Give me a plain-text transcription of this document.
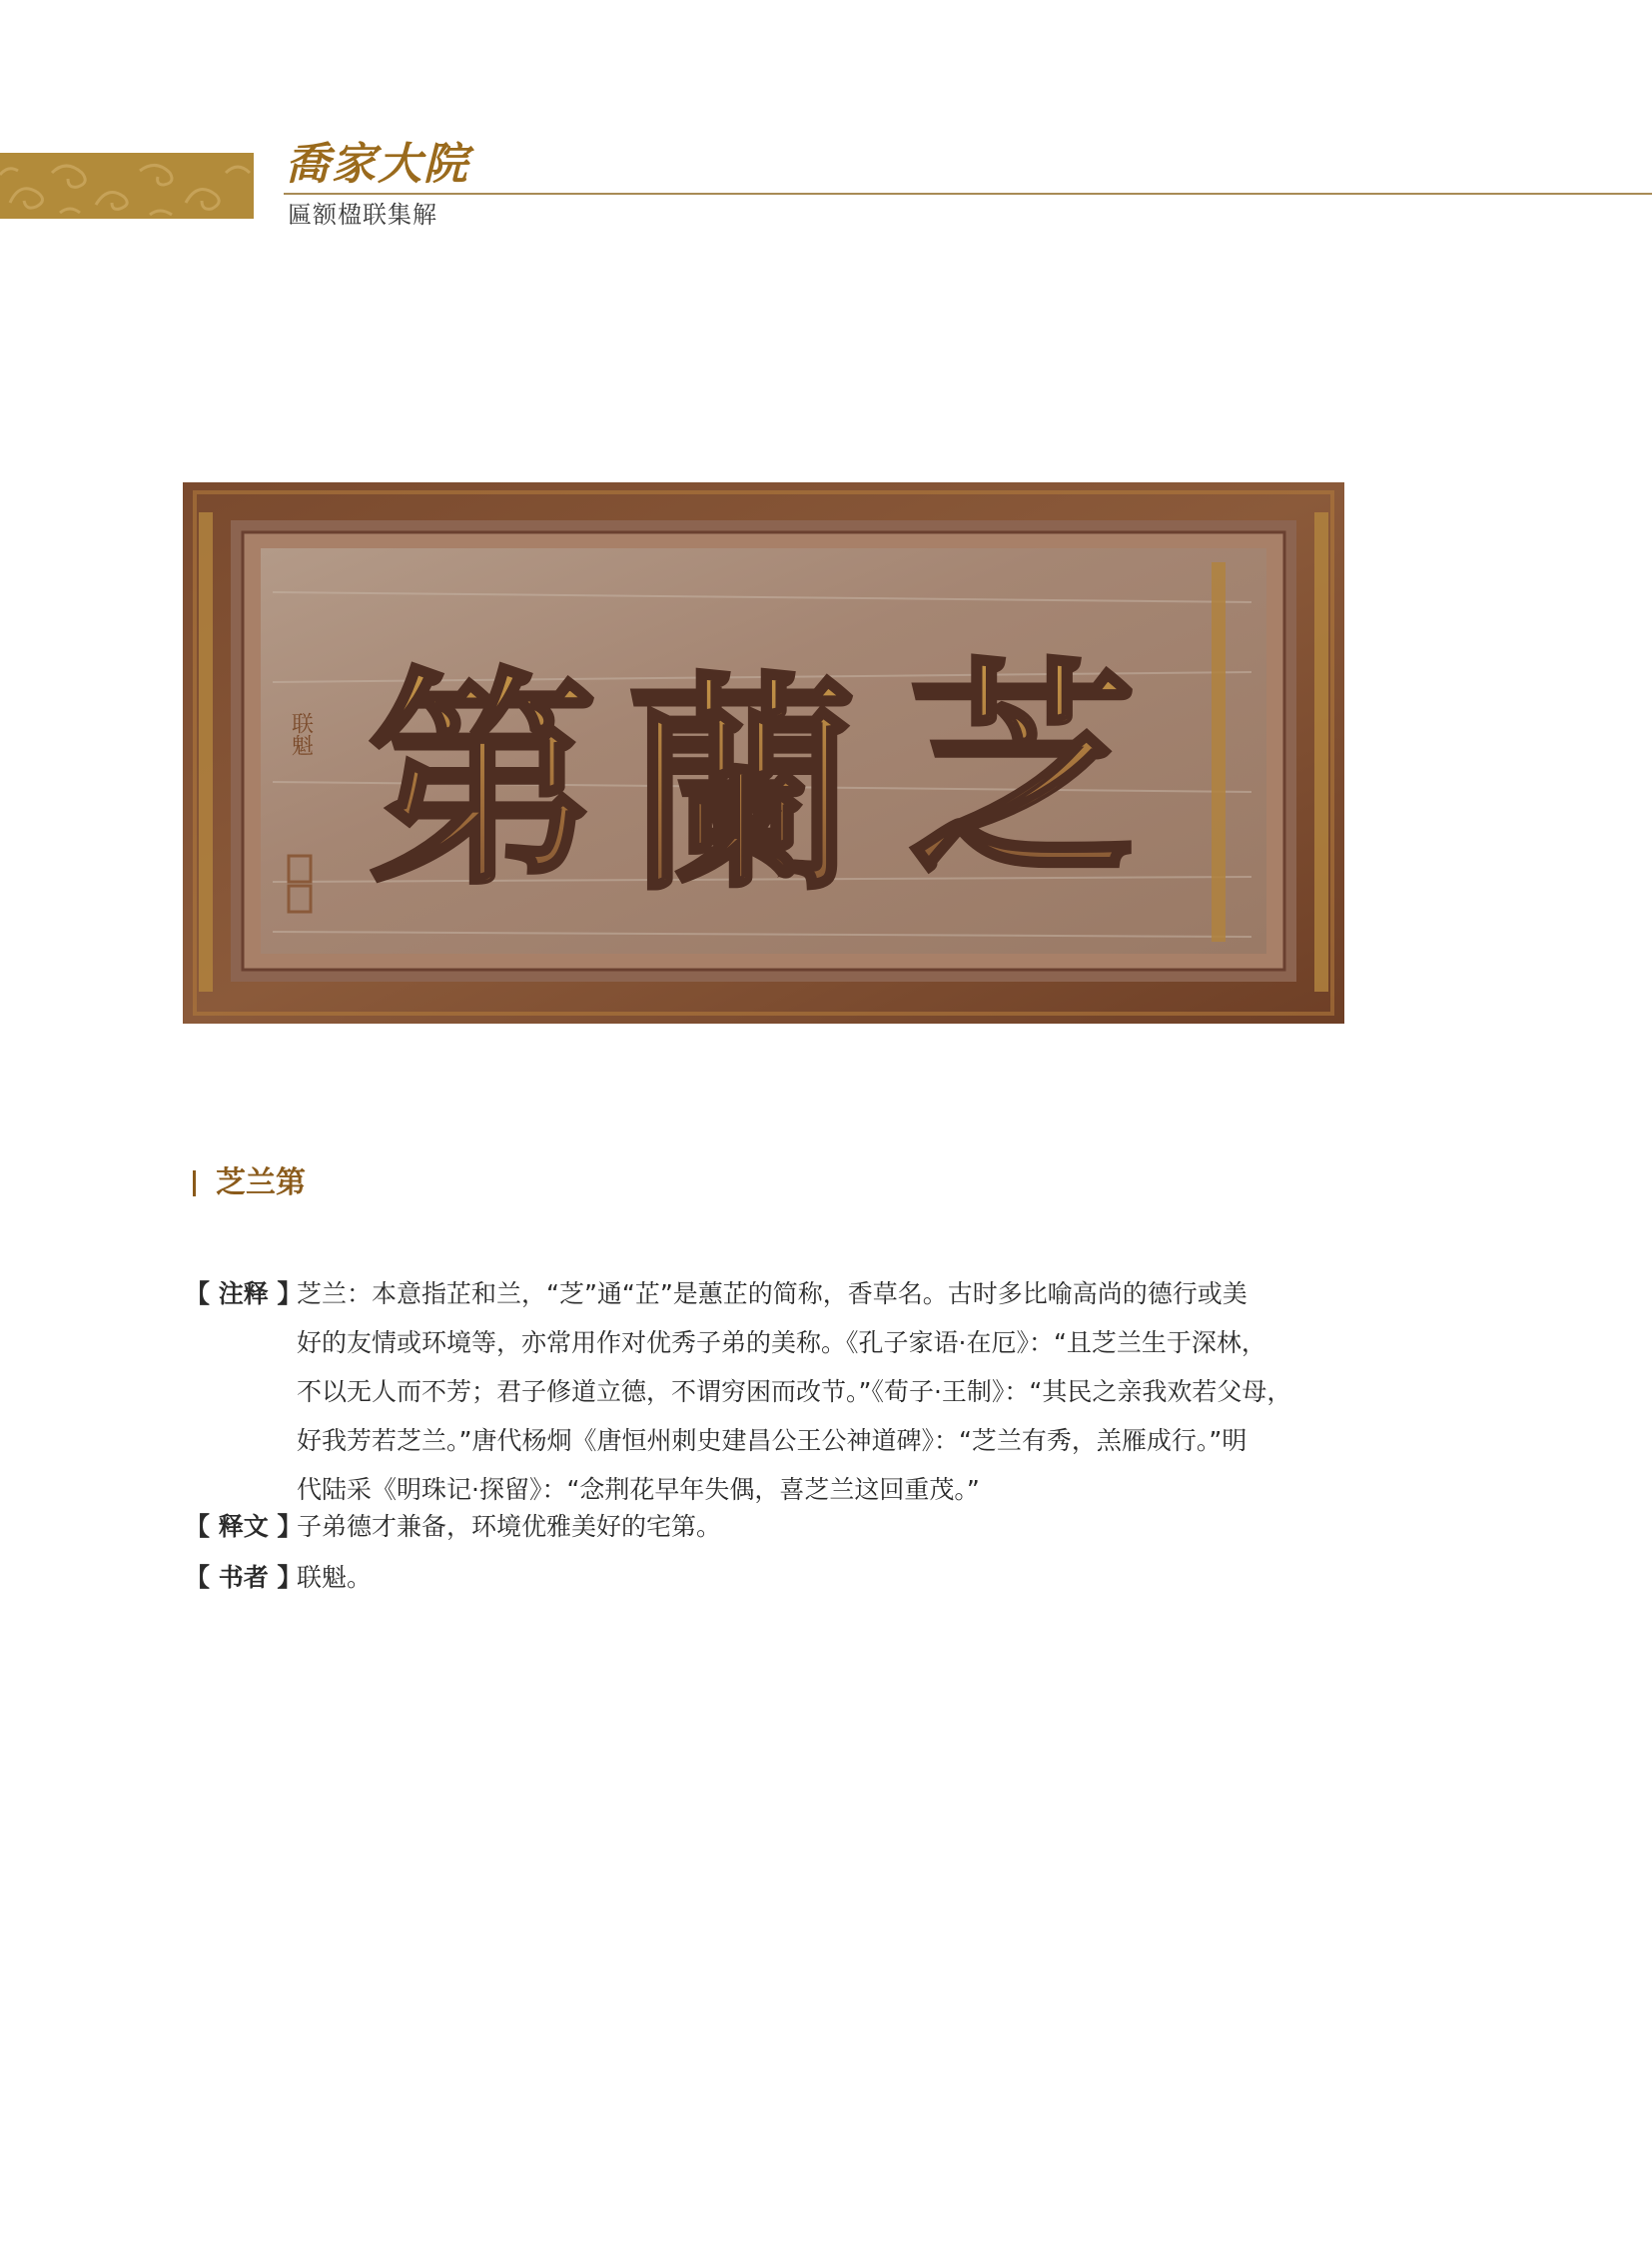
喬家大院
匾额楹联集解
联魁	芝
蘭
第
芝兰第
【 注释 】
芝兰：本意指芷和兰，“芝”通“芷”是蕙芷的简称，香草名。古时多比喻高尚的德行或美
好的友情或环境等，亦常用作对优秀子弟的美称。《孔子家语·在厄》：“且芝兰生于深林，
不以无人而不芳；君子修道立德，不谓穷困而改节。”《荀子·王制》：“其民之亲我欢若父母，
好我芳若芝兰。”唐代杨炯《唐恒州刺史建昌公王公神道碑》：“芝兰有秀，羔雁成行。”明
代陆采《明珠记·探留》：“念荆花早年失偶，喜芝兰这回重茂。”
【 释文 】
子弟德才兼备，环境优雅美好的宅第。
【 书者 】
联魁。
